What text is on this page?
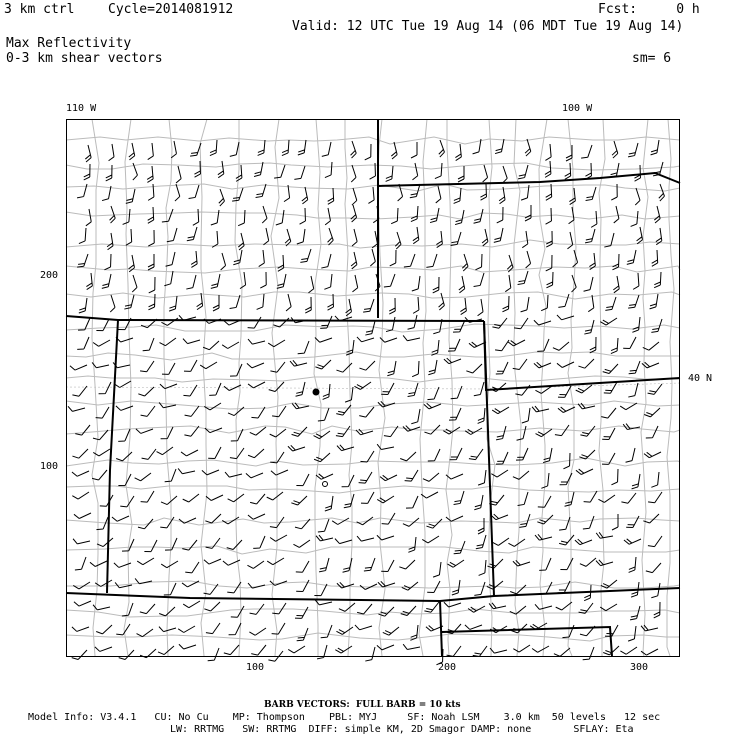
3 km ctrl	Cycle=2014081912	Fcst:     0 h
Valid: 12 UTC Tue 19 Aug 14 (06 MDT Tue 19 Aug 14)
Max Reflectivity
0-3 km shear vectors	sm= 6
110 W	100 W
40 N
200
100
100	200	300
BARB VECTORS:  FULL BARB = 10 kts
Model Info: V3.4.1   CU: No Cu    MP: Thompson    PBL: MYJ     SF: Noah LSM    3.0 km  50 levels   12 sec
LW: RRTMG   SW: RRTMG  DIFF: simple KM, 2D Smagor DAMP: none       SFLAY: Eta
